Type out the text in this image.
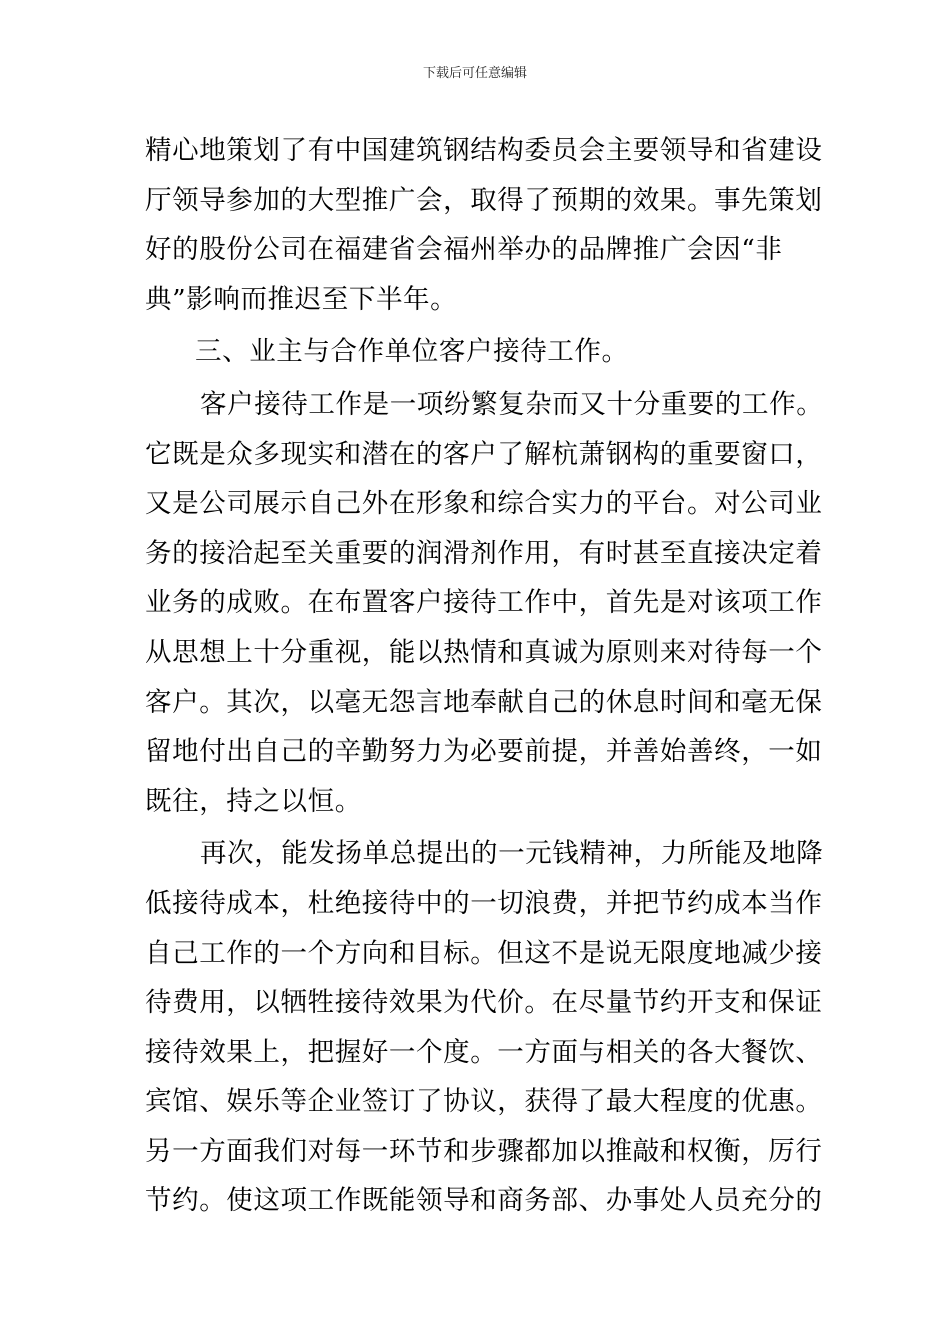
下载后可任意编辑
精心地策划了有中国建筑钢结构委员会主要领导和省建设
厅领导参加的大型推广会，取得了预期的效果。事先策划
好的股份公司在福建省会福州举办的品牌推广会因“非
典”影响而推迟至下半年。
三、业主与合作单位客户接待工作。
客户接待工作是一项纷繁复杂而又十分重要的工作。
它既是众多现实和潜在的客户了解杭萧钢构的重要窗口，
又是公司展示自己外在形象和综合实力的平台。对公司业
务的接洽起至关重要的润滑剂作用，有时甚至直接决定着
业务的成败。在布置客户接待工作中，首先是对该项工作
从思想上十分重视，能以热情和真诚为原则来对待每一个
客户。其次，以毫无怨言地奉献自己的休息时间和毫无保
留地付出自己的辛勤努力为必要前提，并善始善终，一如
既往，持之以恒。
再次，能发扬单总提出的一元钱精神，力所能及地降
低接待成本，杜绝接待中的一切浪费，并把节约成本当作
自己工作的一个方向和目标。但这不是说无限度地减少接
待费用，以牺牲接待效果为代价。在尽量节约开支和保证
接待效果上，把握好一个度。一方面与相关的各大餐饮、
宾馆、娱乐等企业签订了协议，获得了最大程度的优惠。
另一方面我们对每一环节和步骤都加以推敲和权衡，厉行
节约。使这项工作既能领导和商务部、办事处人员充分的
